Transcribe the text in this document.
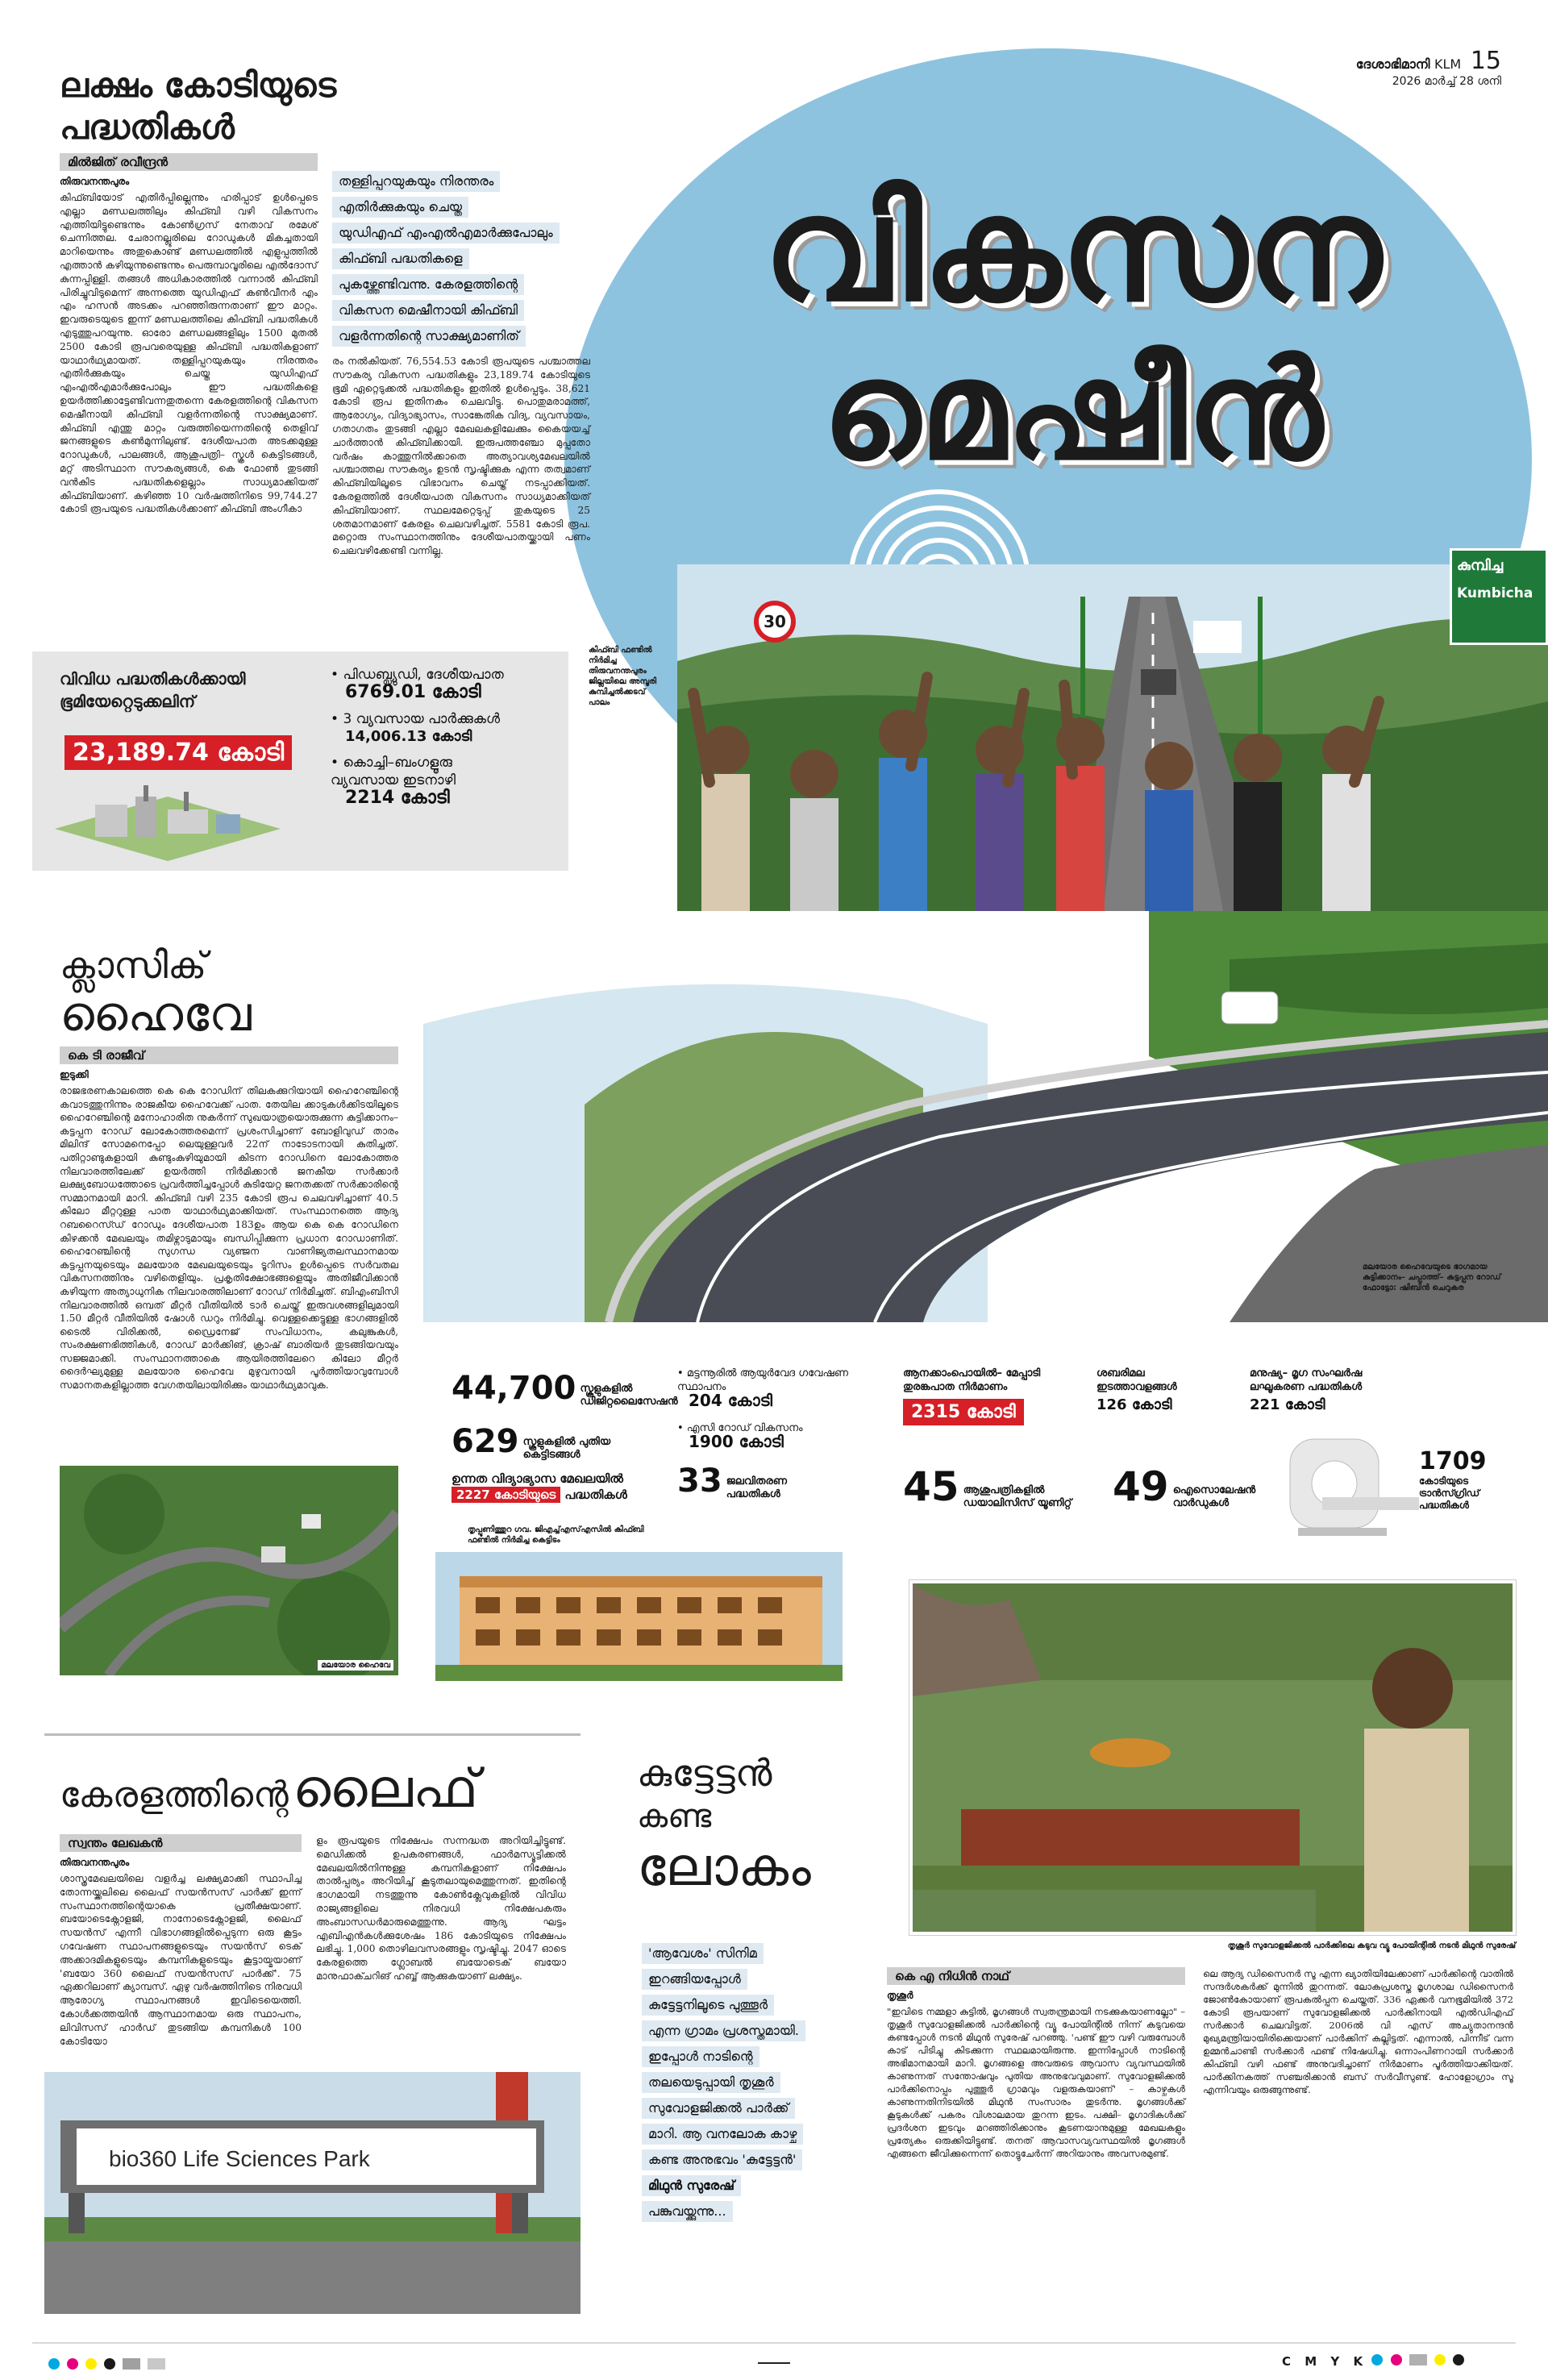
ദേശാഭിമാനി KLM 15
2026 മാർച്ച് 28 ശനി
വികസന
മെഷീൻ
കുമ്പിച്ച
Kumbicha
30
കിഫ്ബി ഫണ്ടിൽ നിർമിച്ച തിരുവനന്തപുരം ജില്ലയിലെ അമ്പൂരി കുമ്പിച്ചൽക്കടവ് പാലം
മലയോര ഹൈവേയുടെ ഭാഗമായ കുട്ടിക്കാനം– ചപ്പാത്ത്– കട്ടപ്പന റോഡ്
ഫോട്ടോ: ഷിബിൻ ചെറുകര
ലക്ഷം കോടിയുടെ പദ്ധതികൾ
മിൽജിത് രവീന്ദ്രൻ
തിരുവനന്തപുരം
കിഫ്ബിയോട് എതിർപ്പില്ലെന്നും ഹരിപ്പാട് ഉൾപ്പെടെ എല്ലാ മണ്ഡലത്തിലും കിഫ്ബി വഴി വികസനം എത്തിയിട്ടുണ്ടെന്നും കോൺഗ്രസ് നേതാവ് രമേശ് ചെന്നിത്തല. ചേരാനല്ലൂരിലെ റോഡുകൾ മികച്ചതായി മാറിയെന്നും അതുകൊണ്ട് മണ്ഡലത്തിൽ എളുപ്പത്തിൽ എത്താൻ കഴിയുന്നുണ്ടെന്നും പെരുമ്പാവൂരിലെ എൽദോസ് കുന്നപ്പിള്ളി. തങ്ങൾ അധികാരത്തിൽ വന്നാൽ കിഫ്ബി പിരിച്ചുവിടുമെന്ന് അന്നത്തെ യുഡിഎഫ് കൺവീനർ എം എം ഹസൻ അടക്കം പറഞ്ഞിരുന്നതാണ് ഈ മാറ്റം. ഇവരുടെയുടെ ഇന്ന് മണ്ഡലത്തിലെ കിഫ്ബി പദ്ധതികൾ എടുത്തുപറയുന്നു. ഓരോ മണ്ഡലങ്ങളിലും 1500 മുതൽ 2500 കോടി രൂപവരെയുള്ള കിഫ്ബി പദ്ധതികളാണ് യാഥാർഥ്യമായത്. തള്ളിപ്പറയുകയും നിരന്തരം എതിർക്കുകയും ചെയ്ത യുഡിഎഫ് എംഎൽഎമാർക്കുപോലും ഈ പദ്ധതികളെ ഉയർത്തിക്കാട്ടേണ്ടിവന്നതുതന്നെ കേരളത്തിന്റെ വികസന മെഷീനായി കിഫ്ബി വളർന്നതിന്റെ സാക്ഷ്യമാണ്. കിഫ്ബി എന്തു മാറ്റം വരുത്തിയെന്നതിന്റെ തെളിവ് ജനങ്ങളുടെ കൺമുന്നിലുണ്ട്. ദേശീയപാത അടക്കമുള്ള റോഡുകൾ, പാലങ്ങൾ, ആശുപത്രി– സ്കൂൾ കെട്ടിടങ്ങൾ, മറ്റ് അടിസ്ഥാന സൗകര്യങ്ങൾ, കെ ഫോൺ തുടങ്ങി വൻകിട പദ്ധതികളെല്ലാം സാധ്യമാക്കിയത് കിഫ്ബിയാണ്. കഴിഞ്ഞ 10 വർഷത്തിനിടെ 99,744.27 കോടി രൂപയുടെ പദ്ധതികൾക്കാണ് കിഫ്ബി അംഗീകാ
തള്ളിപ്പറയുകയും നിരന്തരം
എതിർക്കുകയും ചെയ്ത
യുഡിഎഫ് എംഎൽഎമാർക്കുപോലും
കിഫ്ബി പദ്ധതികളെ
പുകഴ്ത്തേണ്ടിവന്നു. കേരളത്തിന്റെ
വികസന മെഷീനായി കിഫ്ബി
വളർന്നതിന്റെ സാക്ഷ്യമാണിത്
രം നൽകിയത്. 76,554.53 കോടി രൂപയുടെ പശ്ചാത്തല സൗകര്യ വികസന പദ്ധതികളും 23,189.74 കോടിയുടെ ഭൂമി ഏറ്റെടുക്കൽ പദ്ധതികളും ഇതിൽ ഉൾപ്പെടും. 38,621 കോടി രൂപ ഇതിനകം ചെലവിട്ടു. പൊതുമരാമത്ത്, ആരോഗ്യം, വിദ്യാഭ്യാസം, സാങ്കേതിക വിദ്യ, വ്യവസായം, ഗതാഗതം തുടങ്ങി എല്ലാ മേഖലകളിലേക്കും കൈയയച്ച് ചാർത്താൻ കിഫ്ബിക്കായി. ഇരുപത്തഞ്ചോ മുപ്പതോ വർഷം കാത്തുനിൽക്കാതെ അത്യാവശ്യമേഖലയിൽ പശ്ചാത്തല സൗകര്യം ഉടൻ സൃഷ്ടിക്കുക എന്ന തത്വമാണ് കിഫ്ബിയിലൂടെ വിഭാവനം ചെയ്ത് നടപ്പാക്കിയത്. കേരളത്തിൽ ദേശീയപാത വികസനം സാധ്യമാക്കിയത് കിഫ്ബിയാണ്. സ്ഥലമേറ്റെടുപ്പ് തുകയുടെ 25 ശതമാനമാണ് കേരളം ചെലവഴിച്ചത്. 5581 കോടി രൂപ. മറ്റൊരു സംസ്ഥാനത്തിനും ദേശീയപാതയ്ക്കായി പണം ചെലവഴിക്കേണ്ടി വന്നില്ല.
വിവിധ പദ്ധതികൾക്കായി ഭൂമിയേറ്റെടുക്കലിന്
23,189.74 കോടി
• പിഡബ്ല്യുഡി, ദേശീയപാത
6769.01 കോടി
• 3 വ്യവസായ പാർക്കുകൾ
14,006.13 കോടി
• കൊച്ചി–ബംഗളൂരു വ്യവസായ ഇടനാഴി
2214 കോടി
ക്ലാസിക്
ഹൈവേ
കെ ടി രാജീവ്
ഇടുക്കി
രാജഭരണകാലത്തെ കെ കെ റോഡിന് തിലകക്കുറിയായി ഹൈറേഞ്ചിന്റെ കവാടത്തുനിന്നും രാജകീയ ഹൈവേക്ക് പാത. തേയില ക്കാടുകൾക്കിടയിലൂടെ ഹൈറേഞ്ചിന്റെ മനോഹാരിത നുകർന്ന് സുഖയാത്രയൊരുക്കുന്ന കുട്ടിക്കാനം– കട്ടപ്പന റോഡ് ലോകോത്തരമെന്ന് പ്രശംസിച്ചാണ് ബോളിവുഡ് താരം മിലിന്ദ് സോമനെപ്പോ ലെയുള്ളവർ 22ന് നാടോടനായി കുതിച്ചത്. പതിറ്റാണ്ടുകളായി കുണ്ടുംകുഴിയുമായി കിടന്ന റോഡിനെ ലോകോത്തര നിലവാരത്തിലേക്ക് ഉയർത്തി നിർമിക്കാൻ ജനകീയ സർക്കാർ ലക്ഷ്യബോധത്തോടെ പ്രവർത്തിച്ചപ്പോൾ കുടിയേറ്റ ജനതക്കത് സർക്കാരിന്റെ സമ്മാനമായി മാറി. കിഫ്ബി വഴി 235 കോടി രൂപ ചെലവഴിച്ചാണ് 40.5 കിലോ മീറ്ററുള്ള പാത യാഥാർഥ്യമാക്കിയത്. സംസ്ഥാനത്തെ ആദ്യ റബറൈസ്ഡ് റോഡും ദേശീയപാത 183ഉം ആയ കെ കെ റോഡിനെ കിഴക്കൻ മേഖലയും തമിഴ്നാടുമായും ബന്ധിപ്പിക്കുന്ന പ്രധാന റോഡാണിത്. ഹൈറേഞ്ചിന്റെ സുഗന്ധ വ്യഞ്ജന വാണിജ്യതലസ്ഥാനമായ കട്ടപ്പനയുടെയും മലയോര മേഖലയുടെയും ടൂറിസം ഉൾപ്പെടെ സർവതല വികസനത്തിനും വഴിതെളിയും. പ്രകൃതിക്ഷോഭങ്ങളെയും അതിജീവിക്കാൻ കഴിയുന്ന അത്യാധുനിക നിലവാരത്തിലാണ് റോഡ് നിർമിച്ചത്. ബിഎംബിസി നിലവാരത്തിൽ ഒമ്പത് മീറ്റർ വീതിയിൽ ടാർ ചെയ്ത് ഇരുവശങ്ങളിലുമായി 1.50 മീറ്റർ വീതിയിൽ ഷോൾ ഡറും നിർമിച്ചു. വെള്ളക്കെട്ടുള്ള ഭാഗങ്ങളിൽ ടൈൽ വിരിക്കൽ, ഡ്രൈനേജ് സംവിധാനം, കലുങ്കുകൾ, സംരക്ഷണഭിത്തികൾ, റോഡ് മാർക്കിങ്, ക്രാഷ് ബാരിയർ തുടങ്ങിയവയും സജ്ജമാക്കി. സംസ്ഥാനത്താകെ ആയിരത്തിലേറെ കിലോ മീറ്റർ ദൈർഘ്യമുള്ള മലയോര ഹൈവേ മുഴുവനായി പൂർത്തിയാവുമ്പോൾ സമാനതകളില്ലാത്ത വേഗതയിലായിരിക്കും യാഥാർഥ്യമാവുക.
മലയോര ഹൈവേ
44,700 സ്കൂളുകളിൽ ഡിജിറ്റലൈസേഷൻ
629 സ്കൂളുകളിൽ പുതിയ കെട്ടിടങ്ങൾ
ഉന്നത വിദ്യാഭ്യാസ മേഖലയിൽ
2227 കോടിയുടെ പദ്ധതികൾ
• മട്ടന്നൂരിൽ ആയുർവേദ ഗവേഷണ സ്ഥാപനം
204 കോടി
• എസി റോഡ് വികസനം
1900 കോടി
33 ജലവിതരണ പദ്ധതികൾ
തൃപ്പൂണിത്തുറ ഗവ. ജിഎച്ച്എസ്എസിൽ കിഫ്ബി ഫണ്ടിൽ നിർമിച്ച കെട്ടിടം
ആനക്കാംപൊയിൽ– മേപ്പാടി തുരങ്കപാത നിർമാണം
2315 കോടി
ശബരിമല ഇടത്താവളങ്ങൾ
126 കോടി
മനുഷ്യ– മൃഗ സംഘർഷ ലഘൂകരണ പദ്ധതികൾ
221 കോടി
45 ആശുപത്രികളിൽ ഡയാലിസിസ് യൂണിറ്റ്	49 ഐസൊലേഷൻ വാർഡുകൾ
1709
കോടിയുടെ ട്രാൻസ്ഗ്രിഡ് പദ്ധതികൾ
കേരളത്തിന്റെ ലൈഫ്
സ്വന്തം ലേഖകൻ
തിരുവനന്തപുരം
ശാസ്ത്രമേഖലയിലെ വളർച്ച ലക്ഷ്യമാക്കി സ്ഥാപിച്ച തോന്നയ്ക്കലിലെ ലൈഫ് സയൻസസ് പാർക്ക് ഇന്ന് സംസ്ഥാനത്തിന്റെയാകെ പ്രതീക്ഷയാണ്. ബയോടെക്നോളജി, നാനോടെക്നോളജി, ലൈഫ് സയൻസ് എന്നീ വിഭാഗങ്ങളിൽപ്പെടുന്ന ഒരു കൂട്ടം ഗവേഷണ സ്ഥാപനങ്ങളുടെയും സയൻസ് ടെക് അക്കാദമികളുടെയും കമ്പനികളുടെയും കൂട്ടായ്മയാണ് 'ബയോ 360 ലൈഫ് സയൻസസ് പാർക്ക്'. 75 ഏക്കറിലാണ് ക്യാമ്പസ്. ഏഴു വർഷത്തിനിടെ നിരവധി ആരോഗ്യ സ്ഥാപനങ്ങൾ ഇവിടെയെത്തി. കോൾക്കത്തയിൻ ആസ്ഥാനമായ ഒരു സ്ഥാപനം, ലിവിസസ് ഹാർഡ് തുടങ്ങിയ കമ്പനികൾ 100 കോടിയോ
ളം രൂപയുടെ നിക്ഷേപം സന്നദ്ധത അറിയിച്ചിട്ടുണ്ട്. മെഡിക്കൽ ഉപകരണങ്ങൾ, ഫാർമസ്യൂട്ടിക്കൽ മേഖലയിൽനിന്നുള്ള കമ്പനികളാണ് നിക്ഷേപം താൽപ്പര്യം അറിയിച്ച് കൂടുതലായുമെത്തുന്നത്. ഇതിന്റെ ഭാഗമായി നടത്തുന്നു കോൺക്ലേവുകളിൽ വിവിധ രാജ്യങ്ങളിലെ നിരവധി നിക്ഷേപകരും അംബാസഡർമാരുമെത്തുന്നു. ആദ്യ ഘട്ടം എബിഎൻകൾക്കുശേഷം 186 കോടിയുടെ നിക്ഷേപം ലഭിച്ചു. 1,000 തൊഴിലവസരങ്ങളും സൃഷ്ടിച്ചു. 2047 ഓടെ കേരളത്തെ ഗ്ലോബൽ ബയോടെക് ബയോ മാനുഫാക്ചറിങ് ഹബ്ബ് ആക്കുകയാണ് ലക്ഷ്യം.
bio360 Life Sciences Park
കുട്ടേട്ടൻ
കണ്ട
ലോകം
'ആവേശം' സിനിമ
ഇറങ്ങിയപ്പോൾ
കുട്ടേട്ടനിലൂടെ പുത്തൂർ
എന്ന ഗ്രാമം പ്രശസ്തമായി.
ഇപ്പോൾ നാടിന്റെ
തലയെടുപ്പായി തൃശൂർ
സുവോളജിക്കൽ പാർക്ക്
മാറി. ആ വനലോക കാഴ്ച
കണ്ട അനുഭവം 'കുട്ടേട്ടൻ'
മിഥുൻ സുരേഷ്
പങ്കുവയ്ക്കുന്നു...
തൃശൂർ സുവോളജിക്കൽ പാർക്കിലെ കടുവ വ്യൂ പോയിന്റിൽ നടൻ മിഥുൻ സുരേഷ്
കെ എ നിധിൻ നാഥ്
തൃശൂർ
"ഇവിടെ നമ്മളാ കുട്ടിൽ, മൃഗങ്ങൾ സ്വതന്ത്രമായി നടക്കുകയാണല്ലോ" – തൃശൂർ സുവോളജിക്കൽ പാർക്കിന്റെ വ്യൂ പോയിന്റിൽ നിന്ന് കടുവയെ കണ്ടപ്പോൾ നടൻ മിഥുൻ സുരേഷ് പറഞ്ഞു. 'പണ്ട് ഈ വഴി വരുമ്പോൾ കാട് പിടിച്ചു കിടക്കുന്ന സ്ഥലമായിരുന്നു. ഇന്നിപ്പോൾ നാടിന്റെ അഭിമാനമായി മാറി. മൃഗങ്ങളെ അവരുടെ ആവാസ വ്യവസ്ഥയിൽ കാണുന്നത് സന്തോഷവും പുതിയ അനുഭവവുമാണ്. സുവോളജിക്കൽ പാർക്കിനൊപ്പം പുത്തൂർ ഗ്രാമവും വളരുകയാണ്' – കാഴ്ചകൾ കാണുന്നതിനിടയിൽ മിഥുൻ സംസാരം തുടർന്നു. മൃഗങ്ങൾക്ക് കൂടുകൾക്ക് പകരം വിശാലമായ തുറന്ന ഇടം. പക്ഷി– മൃഗാദികൾക്ക് പ്രദർശന ഇടവും മറഞ്ഞിരിക്കാനും കൂടണയാനുമുള്ള മേഖലകളും പ്രത്യേകം ഒരുക്കിയിട്ടുണ്ട്. തനത് ആവാസവ്യവസ്ഥയിൽ മൃഗങ്ങൾ എങ്ങനെ ജീവിക്കുന്നെന്ന് തൊട്ടുചേർന്ന് അറിയാനും അവസരമുണ്ട്.
ലെ ആദ്യ ഡിസൈനർ സൂ എന്ന ഖ്യാതിയിലേക്കാണ് പാർക്കിന്റെ വാതിൽ സന്ദർശകർക്ക് മുന്നിൽ തുറന്നത്. ലോകപ്രശസ്ത മൃഗശാല ഡിസൈനർ ജോൺകോയാണ് രൂപകൽപ്പന ചെയ്തത്. 336 ഏക്കർ വനഭൂമിയിൽ 372 കോടി രൂപയാണ് സുവോളജിക്കൽ പാർക്കിനായി എൽഡിഎഫ് സർക്കാർ ചെലവിട്ടത്. 2006ൽ വി എസ് അച്യുതാനന്ദൻ മുഖ്യമന്ത്രിയായിരിക്കെയാണ് പാർക്കിന് കല്ലിട്ടത്. എന്നാൽ, പിന്നീട് വന്ന ഉമ്മൻചാണ്ടി സർക്കാർ ഫണ്ട് നിഷേധിച്ചു. ഒന്നാംപിണറായി സർക്കാർ കിഫ്ബി വഴി ഫണ്ട് അനുവദിച്ചാണ് നിർമാണം പൂർത്തിയാക്കിയത്. പാർക്കിനകത്ത് സഞ്ചരിക്കാൻ ബസ് സർവീസുണ്ട്. ഹോളോഗ്രാം സൂ എന്നിവയും ഒരുങ്ങുന്നുണ്ട്.

C M Y K
